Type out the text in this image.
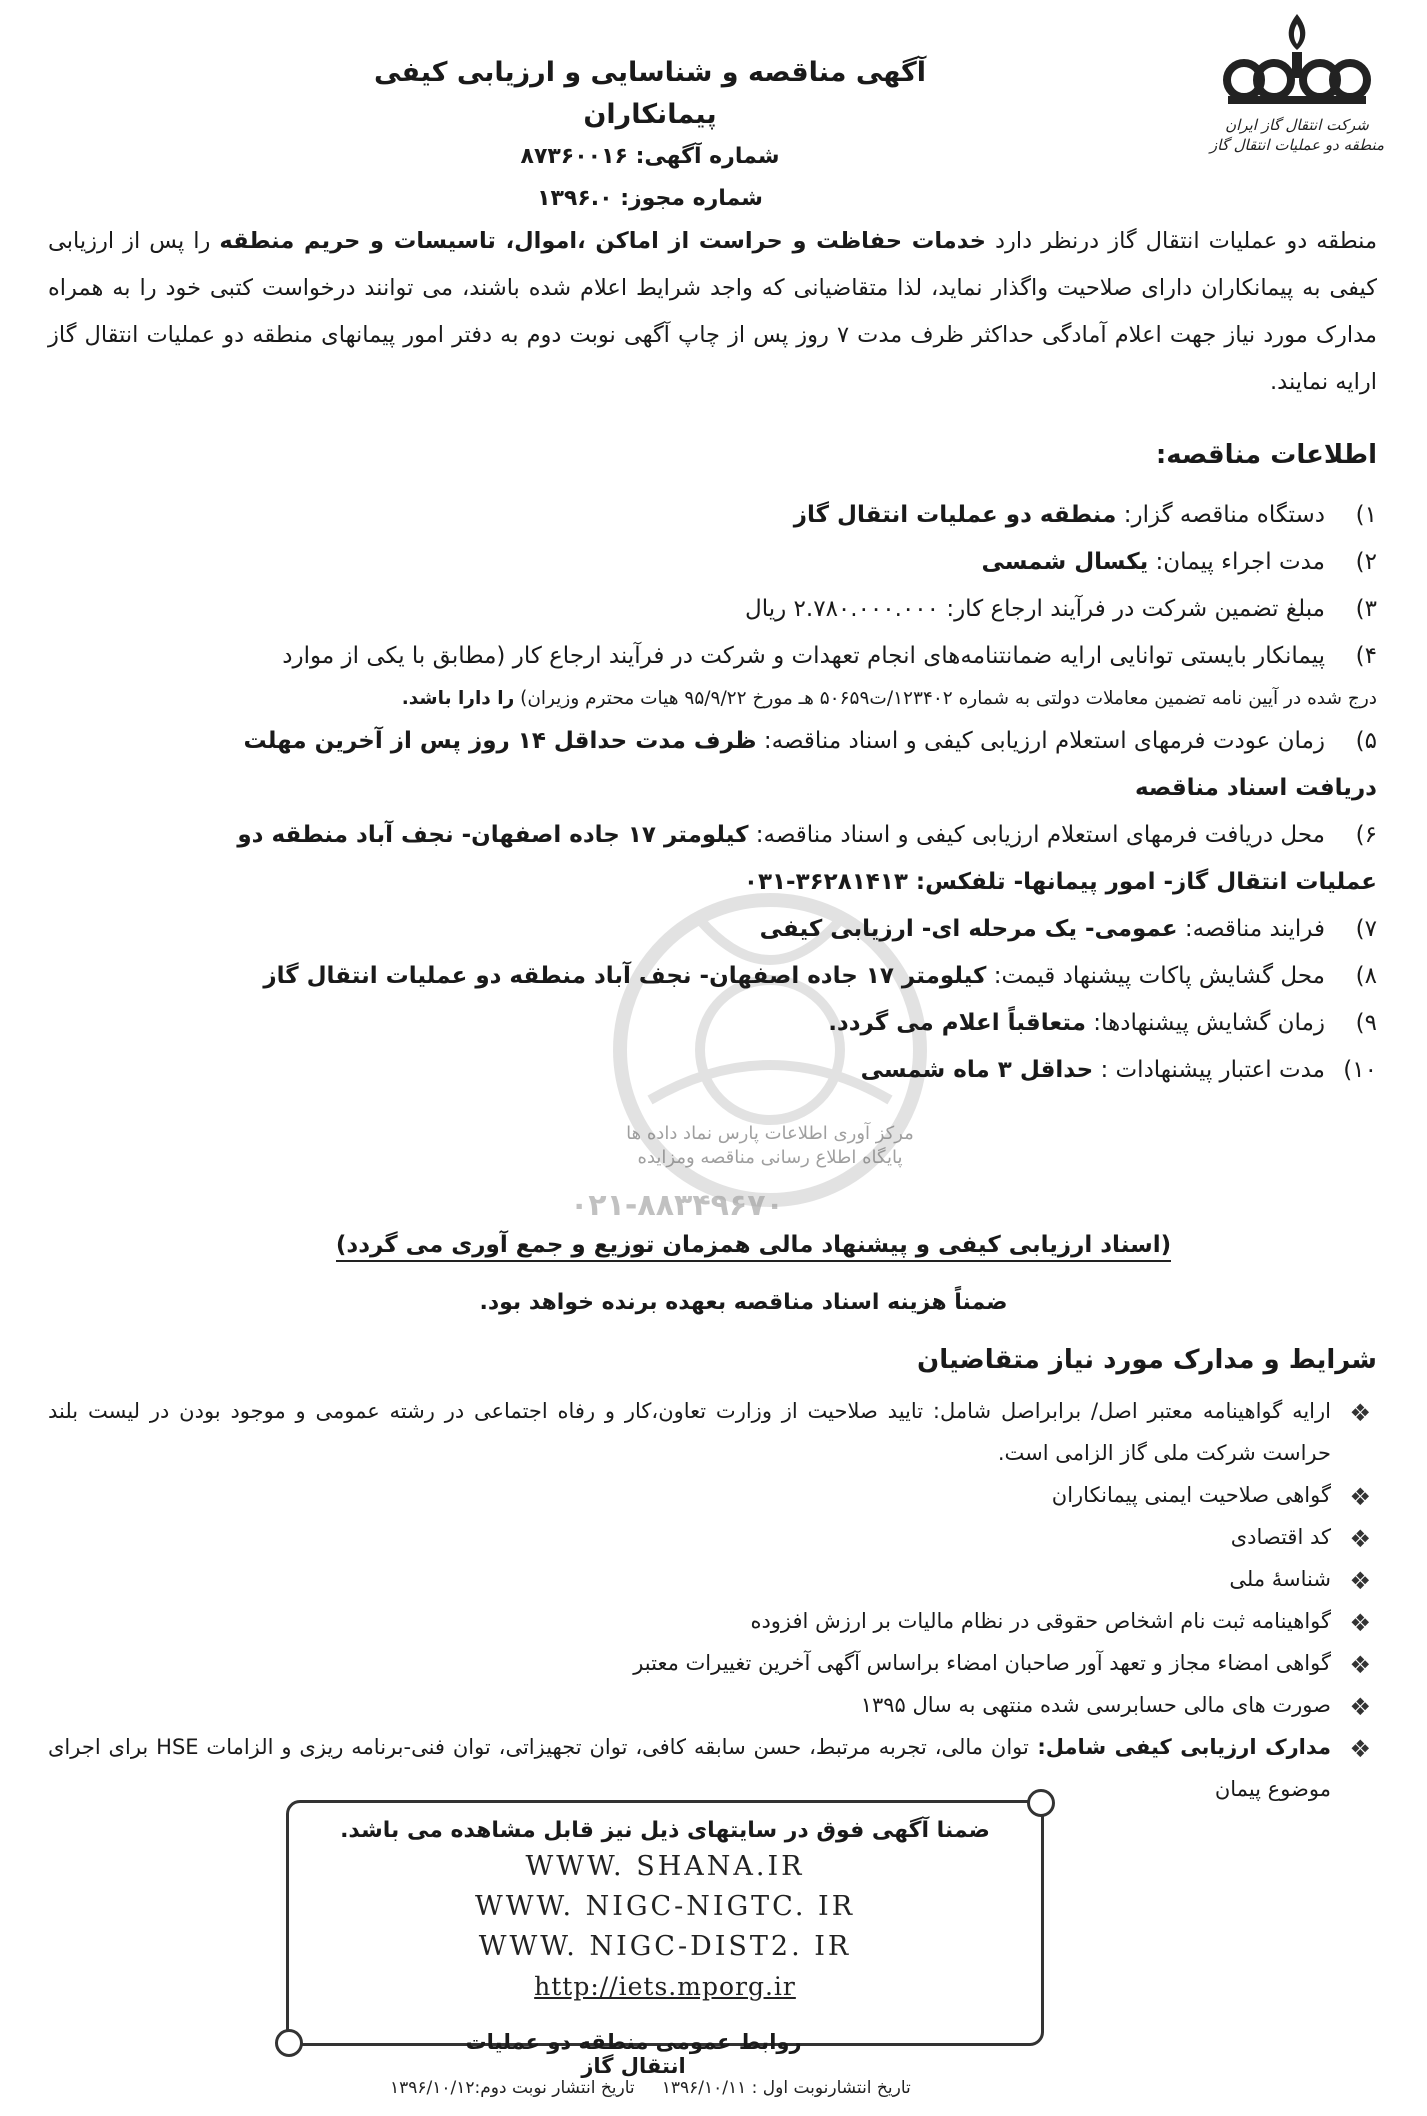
مرکز آوری اطلاعات پارس نماد داده ها
پایگاه اطلاع رسانی مناقصه ومزایده
۰۲۱-۸۸۳۴۹۶۷۰
شرکت انتقال گاز ایران
منطقه دو عملیات انتقال گاز
آگهی مناقصه و شناسایی و ارزیابی کیفی پیمانکاران
شماره آگهی: ۸۷۳۶۰۰۱۶
شماره مجوز: ۱۳۹۶.۰
منطقه دو عملیات انتقال گاز درنظر دارد خدمات حفاظت و حراست از اماکن ،اموال، تاسیسات و حریم منطقه را پس از ارزیابی کیفی به پیمانکاران دارای صلاحیت واگذار نماید، لذا متقاضیانی که واجد شرایط اعلام شده باشند، می توانند درخواست کتبی خود را به همراه مدارک مورد نیاز جهت اعلام آمادگی حداکثر ظرف مدت ۷ روز پس از چاپ آگهی نوبت دوم به دفتر امور پیمانهای منطقه دو عملیات انتقال گاز ارایه نمایند.
اطلاعات مناقصه:
۱)
دستگاه مناقصه گزار: منطقه دو عملیات انتقال گاز
۲)
مدت اجراء پیمان: یکسال شمسی
۳)
مبلغ تضمین شرکت در فرآیند ارجاع کار: ۲.۷۸۰.۰۰۰.۰۰۰ ریال
۴)
پیمانکار بایستی توانایی ارایه ضمانتنامه‌های انجام تعهدات و شرکت در فرآیند ارجاع کار (مطابق با یکی از موارد
درج شده در آیین نامه تضمین معاملات دولتی به شماره ۱۲۳۴۰۲/ت۵۰۶۵۹ هـ مورخ ۹۵/۹/۲۲ هیات محترم وزیران) را دارا باشد.
۵)
زمان عودت فرمهای استعلام ارزیابی کیفی و اسناد مناقصه: ظرف مدت حداقل ۱۴ روز پس از آخرین مهلت
دریافت اسناد مناقصه
۶)
محل دریافت فرمهای استعلام ارزیابی کیفی و اسناد مناقصه: کیلومتر ۱۷ جاده اصفهان- نجف آباد منطقه دو
عملیات انتقال گاز- امور پیمانها- تلفکس: ۳۶۲۸۱۴۱۳-۰۳۱
۷)
فرایند مناقصه: عمومی- یک مرحله ای- ارزیابی کیفی
۸)
محل گشایش پاکات پیشنهاد قیمت: کیلومتر ۱۷ جاده اصفهان- نجف آباد منطقه دو عملیات انتقال گاز
۹)
زمان گشایش پیشنهادها: متعاقباً اعلام می گردد.
۱۰)
مدت اعتبار پیشنهادات : حداقل ۳ ماه شمسی
(اسناد ارزیابی کیفی و پیشنهاد مالی همزمان توزیع و جمع آوری می گردد)
ضمناً هزینه اسناد مناقصه بعهده برنده خواهد بود.
شرایط و مدارک مورد نیاز متقاضیان
❖
ارایه گواهینامه معتبر اصل/ برابراصل شامل: تایید صلاحیت از وزارت تعاون،کار و رفاه اجتماعی در رشته عمومی و موجود بودن در لیست بلند حراست شرکت ملی گاز الزامی است.
❖
گواهی صلاحیت ایمنی پیمانکاران
❖
کد اقتصادی
❖
شناسهٔ ملی
❖
گواهینامه ثبت نام اشخاص حقوقی در نظام مالیات بر ارزش افزوده
❖
گواهی امضاء مجاز و تعهد آور صاحبان امضاء براساس آگهی آخرین تغییرات معتبر
❖
صورت های مالی حسابرسی شده منتهی به سال ۱۳۹۵
❖
مدارک ارزیابی کیفی شامل: توان مالی، تجربه مرتبط، حسن سابقه کافی، توان تجهیزاتی، توان فنی-برنامه ریزی و الزامات HSE برای اجرای موضوع پیمان
ضمنا آگهی فوق در سایتهای ذیل نیز قابل مشاهده می باشد.
WWW. SHANA.IR
WWW. NIGC-NIGTC. IR
WWW. NIGC-DIST2. IR
http://iets.mporg.ir
روابط عمومی منطقه دو عملیات انتقال گاز
تاریخ انتشارنوبت اول : ۱۳۹۶/۱۰/۱۱     تاریخ انتشار نوبت دوم:۱۳۹۶/۱۰/۱۲
